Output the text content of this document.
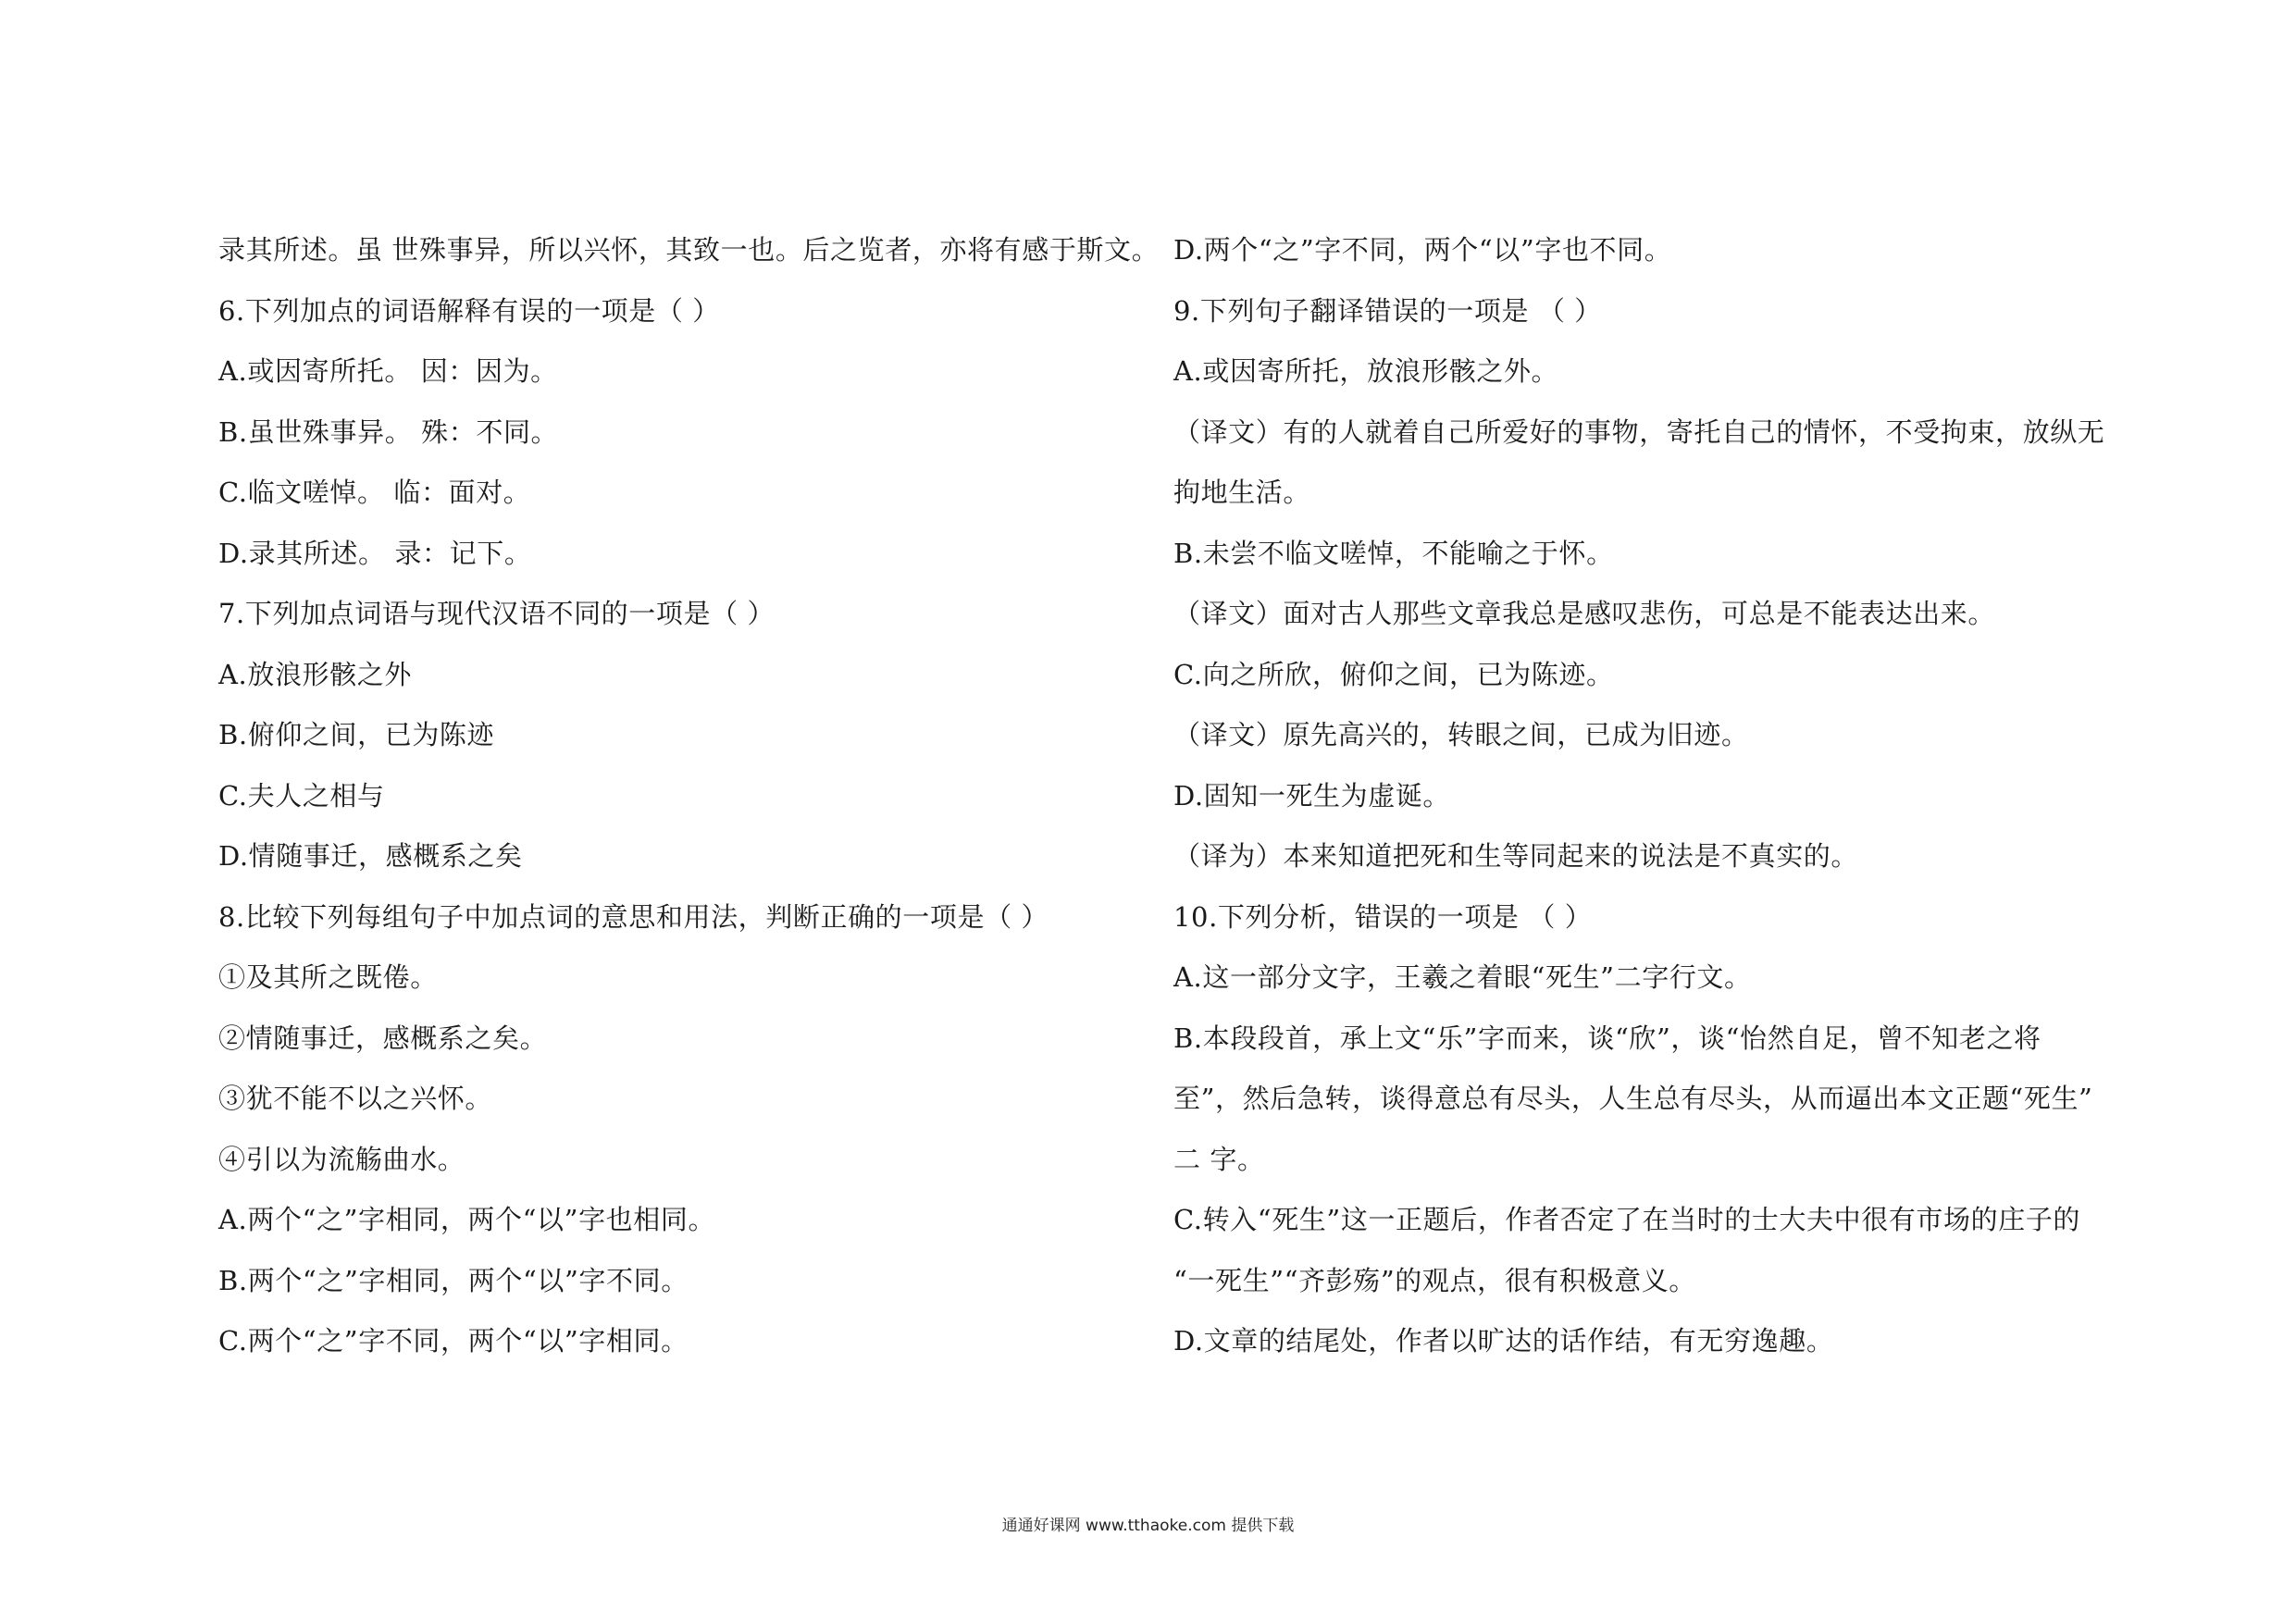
录其所述。虽 世殊事异，所以兴怀，其致一也。后之览者，亦将有感于斯文。
6.下列加点的词语解释有误的一项是（ ）
A.或因寄所托。 因：因为。
B.虽世殊事异。 殊：不同。
C.临文嗟悼。 临：面对。
D.录其所述。 录：记下。
7.下列加点词语与现代汉语不同的一项是（ ）
A.放浪形骸之外
B.俯仰之间，已为陈迹
C.夫人之相与
D.情随事迁，感概系之矣
8.比较下列每组句子中加点词的意思和用法，判断正确的一项是（ ）
①及其所之既倦。
②情随事迁，感概系之矣。
③犹不能不以之兴怀。
④引以为流觞曲水。
A.两个“之”字相同，两个“以”字也相同。
B.两个“之”字相同，两个“以”字不同。
C.两个“之”字不同，两个“以”字相同。
D.两个“之”字不同，两个“以”字也不同。
9.下列句子翻译错误的一项是 （ ）
A.或因寄所托，放浪形骸之外。
（译文）有的人就着自己所爱好的事物，寄托自己的情怀，不受拘束，放纵无
拘地生活。
B.未尝不临文嗟悼，不能喻之于怀。
（译文）面对古人那些文章我总是感叹悲伤，可总是不能表达出来。
C.向之所欣，俯仰之间，已为陈迹。
（译文）原先高兴的，转眼之间，已成为旧迹。
D.固知一死生为虚诞。
（译为）本来知道把死和生等同起来的说法是不真实的。
10.下列分析，错误的一项是 （ ）
A.这一部分文字，王羲之着眼“死生”二字行文。
B.本段段首，承上文“乐”字而来，谈“欣”，谈“怡然自足，曾不知老之将
至”，然后急转，谈得意总有尽头，人生总有尽头，从而逼出本文正题“死生”
二 字。
C.转入“死生”这一正题后，作者否定了在当时的士大夫中很有市场的庄子的
“一死生”“齐彭殇”的观点，很有积极意义。
D.文章的结尾处，作者以旷达的话作结，有无穷逸趣。
通通好课网 www.tthaoke.com 提供下载
